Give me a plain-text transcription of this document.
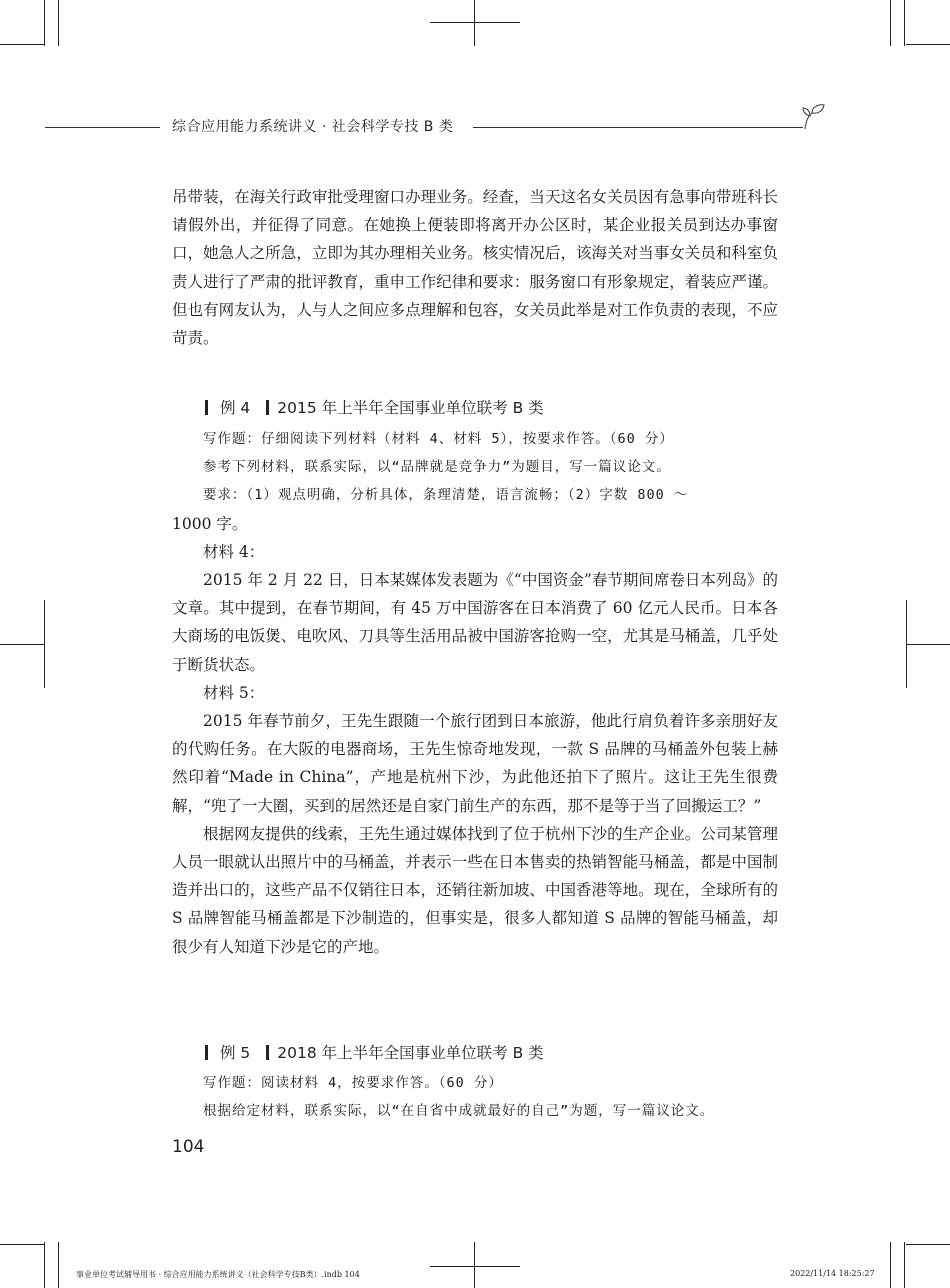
综合应用能力系统讲义 · 社会科学专技 B 类

吊带装，在海关行政审批受理窗口办理业务。经查，当天这名女关员因有急事向带班科长请假外出，并征得了同意。在她换上便装即将离开办公区时，某企业报关员到达办事窗口，她急人之所急，立即为其办理相关业务。核实情况后，该海关对当事女关员和科室负责人进行了严肃的批评教育，重申工作纪律和要求：服务窗口有形象规定，着装应严谨。但也有网友认为，人与人之间应多点理解和包容，女关员此举是对工作负责的表现，不应苛责。

例 4 2015 年上半年全国事业单位联考 B 类

写作题：仔细阅读下列材料（材料 4、材料 5），按要求作答。（60 分）

参考下列材料，联系实际，以“品牌就是竞争力”为题目，写一篇议论文。

要求：（1）观点明确，分析具体，条理清楚，语言流畅；（2）字数 800 ～

1000 字。

材料 4：

2015 年 2 月 22 日，日本某媒体发表题为《“中国资金”春节期间席卷日本列岛》的文章。其中提到，在春节期间，有 45 万中国游客在日本消费了 60 亿元人民币。日本各大商场的电饭煲、电吹风、刀具等生活用品被中国游客抢购一空，尤其是马桶盖，几乎处于断货状态。

材料 5：

2015 年春节前夕，王先生跟随一个旅行团到日本旅游，他此行肩负着许多亲朋好友的代购任务。在大阪的电器商场，王先生惊奇地发现，一款 S 品牌的马桶盖外包装上赫然印着“Made in China”，产地是杭州下沙，为此他还拍下了照片。这让王先生很费解，“兜了一大圈，买到的居然还是自家门前生产的东西，那不是等于当了回搬运工？”

根据网友提供的线索，王先生通过媒体找到了位于杭州下沙的生产企业。公司某管理人员一眼就认出照片中的马桶盖，并表示一些在日本售卖的热销智能马桶盖，都是中国制造并出口的，这些产品不仅销往日本，还销往新加坡、中国香港等地。现在，全球所有的 S 品牌智能马桶盖都是下沙制造的，但事实是，很多人都知道 S 品牌的智能马桶盖，却很少有人知道下沙是它的产地。

例 5 2018 年上半年全国事业单位联考 B 类

写作题：阅读材料 4，按要求作答。（60 分）

根据给定材料，联系实际，以“在自省中成就最好的自己”为题，写一篇议论文。

104
事业单位考试辅导用书 · 综合应用能力系统讲义（社会科学专技B类）.indb 104	2022/11/14 18:25:27
